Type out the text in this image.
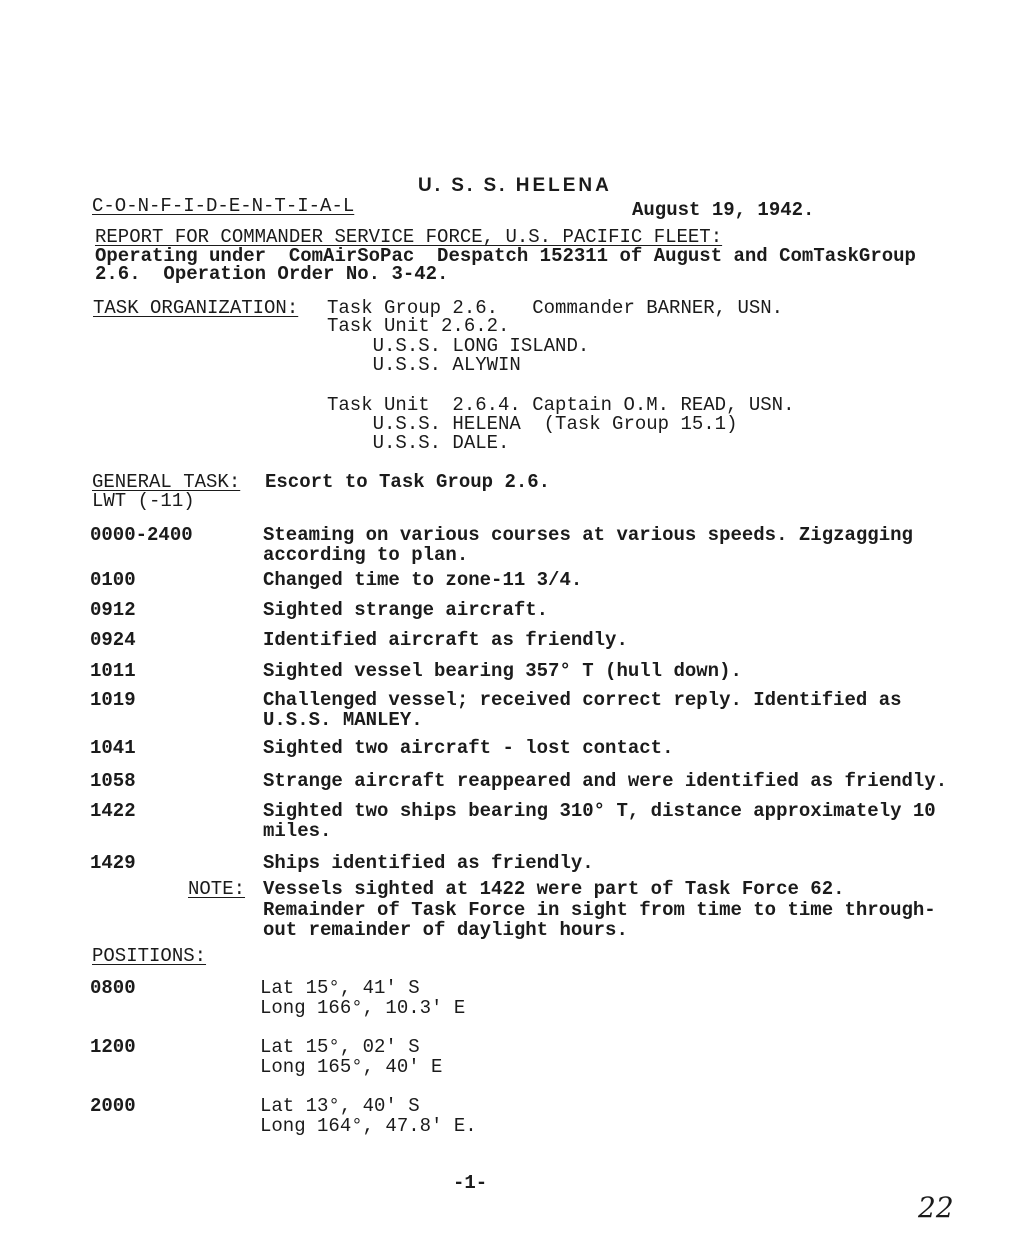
U. S. S. HELENA
C-O-N-F-I-D-E-N-T-I-A-L	August 19, 1942.
REPORT FOR COMMANDER SERVICE FORCE, U.S. PACIFIC FLEET:
Operating under  ComAirSoPac  Despatch 152311 of August and ComTaskGroup
2.6.  Operation Order No. 3-42.
TASK ORGANIZATION: Task Group 2.6.   Commander BARNER, USN.
Task Unit 2.6.2.
U.S.S. LONG ISLAND.
U.S.S. ALYWIN
Task Unit  2.6.4. Captain O.M. READ, USN.
U.S.S. HELENA  (Task Group 15.1)
U.S.S. DALE.
GENERAL TASK: Escort to Task Group 2.6.
LWT (-11)
0000-2400	Steaming on various courses at various speeds. Zigzagging according to plan.
0100	Changed time to zone-11 3/4.
0912	Sighted strange aircraft.
0924	Identified aircraft as friendly.
1011	Sighted vessel bearing 357° T (hull down).
1019	Challenged vessel; received correct reply. Identified as U.S.S. MANLEY.
1041	Sighted two aircraft - lost contact.
1058	Strange aircraft reappeared and were identified as friendly.
1422	Sighted two ships bearing 310° T, distance approximately 10 miles.
1429	Ships identified as friendly.
NOTE: Vessels sighted at 1422 were part of Task Force 62.
Remainder of Task Force in sight from time to time through-
out remainder of daylight hours.
POSITIONS:
0800	Lat 15°, 41' S
Long 166°, 10.3' E
1200	Lat 15°, 02' S
Long 165°, 40' E
2000	Lat 13°, 40' S
Long 164°, 47.8' E.
-1-
22
